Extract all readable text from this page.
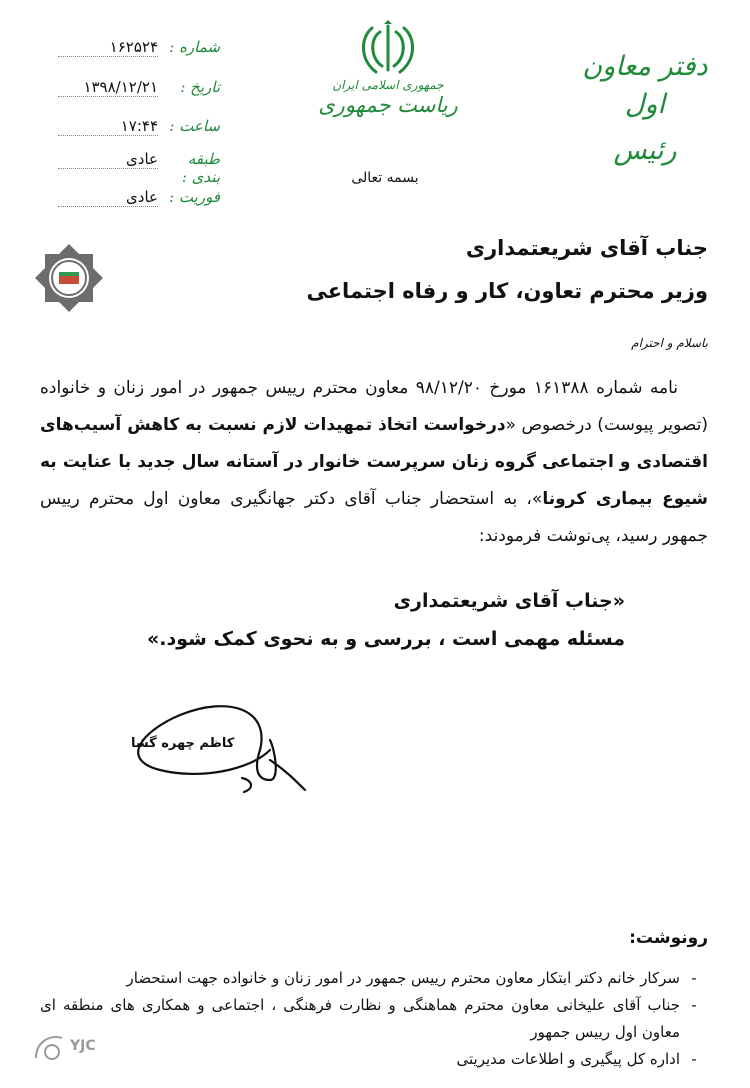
دفتر معاون اول
رئیس
جمهوری اسلامی ایران
ریاست جمهوری
بسمه تعالی
شماره :
۱۶۲۵۲۴
تاریخ :
۱۳۹۸/۱۲/۲۱
ساعت :
۱۷:۴۴
طبقه بندی :
عادی
فوریت :
عادی
جناب آقای شریعتمداری
وزیر محترم تعاون، کار و رفاه اجتماعی
باسلام و احترام
نامه شماره ۱۶۱۳۸۸ مورخ ۹۸/۱۲/۲۰ معاون محترم رییس جمهور در امور زنان و خانواده (تصویر پیوست) درخصوص «درخواست اتخاذ تمهیدات لازم نسبت به کاهش آسیب‌های اقتصادی و اجتماعی گروه زنان سرپرست خانوار در آستانه سال جدید با عنایت به شیوع بیماری کرونا»، به استحضار جناب آقای دکتر جهانگیری معاون اول محترم رییس جمهور رسید، پی‌نوشت فرمودند:
«جناب آقای شریعتمداری
مسئله مهمی است ، بررسی و به نحوی کمک شود.»
کاظم چهره گشا
رونوشت:
-
سرکار خانم دکتر ابتکار معاون محترم رییس جمهور در امور زنان و خانواده جهت استحضار
-
جناب آقای علیخانی معاون محترم هماهنگی و نظارت فرهنگی ، اجتماعی و همکاری های منطقه ای معاون اول رییس جمهور
-
اداره کل پیگیری و اطلاعات مدیریتی
YJC
